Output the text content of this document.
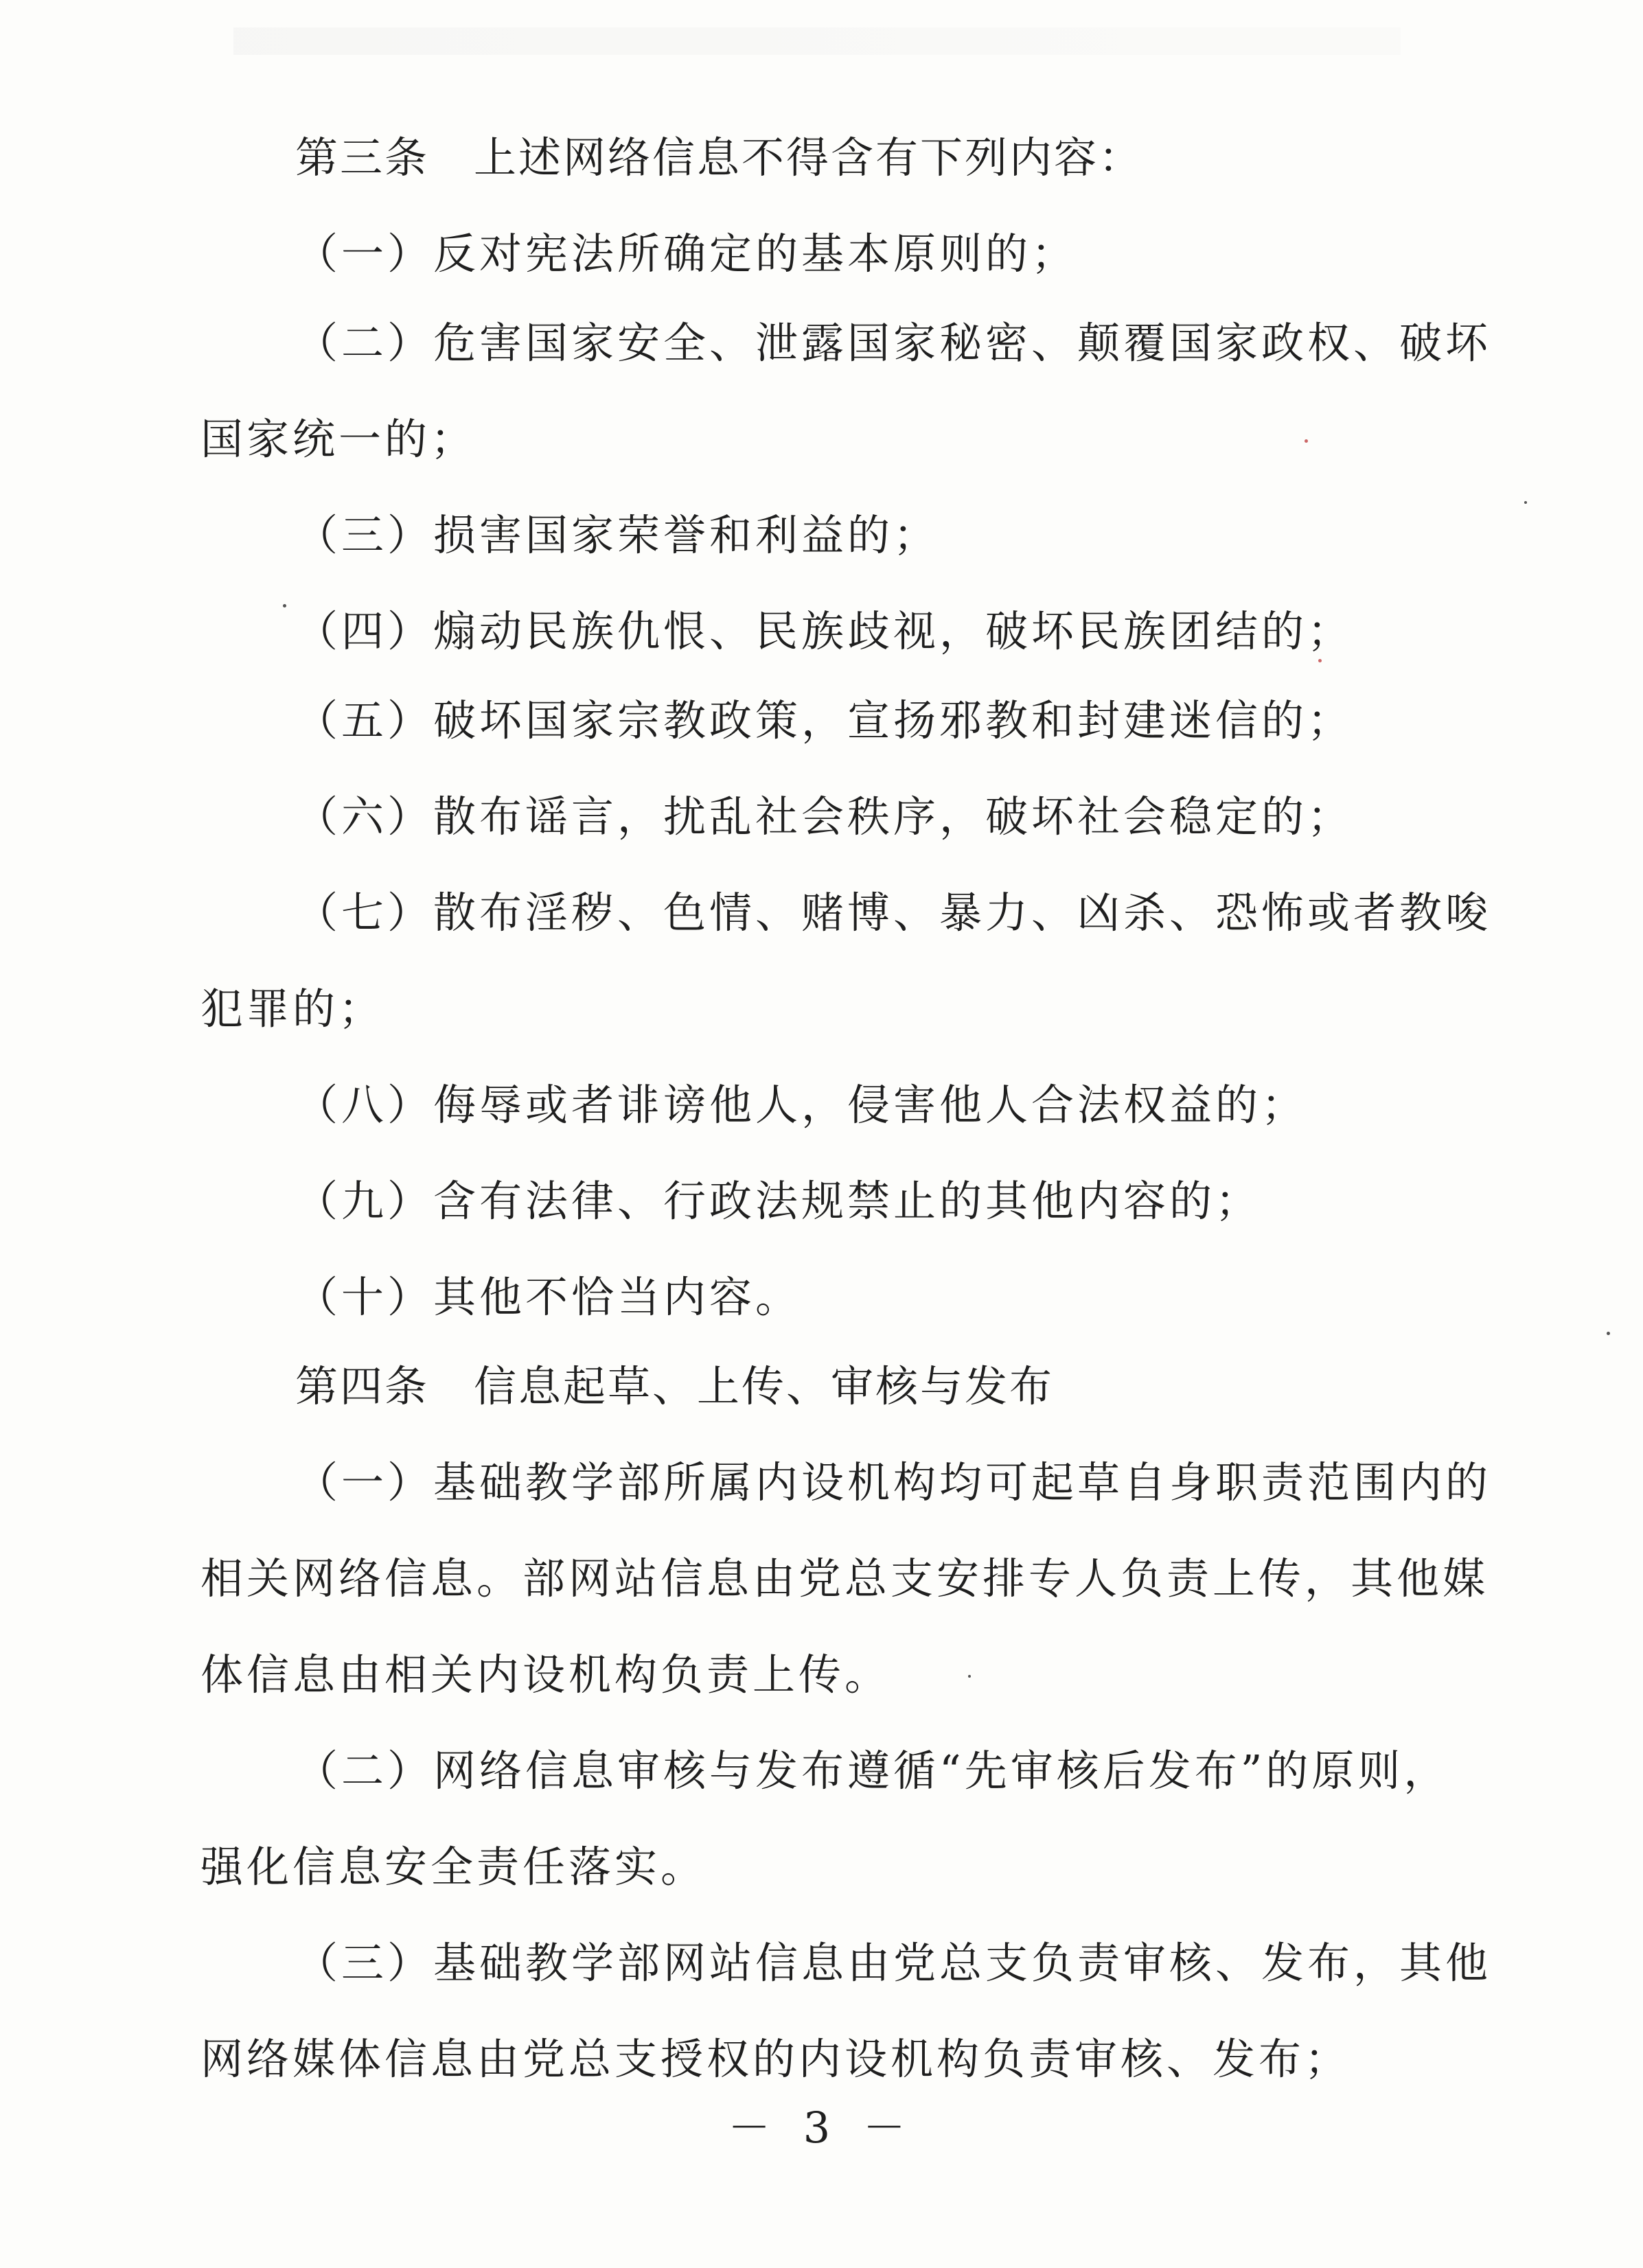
第三条　上述网络信息不得含有下列内容：

（一）反对宪法所确定的基本原则的；

（二）危害国家安全、泄露国家秘密、颠覆国家政权、破坏

国家统一的；

（三）损害国家荣誉和利益的；

（四）煽动民族仇恨、民族歧视，破坏民族团结的；

（五）破坏国家宗教政策，宣扬邪教和封建迷信的；

（六）散布谣言，扰乱社会秩序，破坏社会稳定的；

（七）散布淫秽、色情、赌博、暴力、凶杀、恐怖或者教唆

犯罪的；

（八）侮辱或者诽谤他人，侵害他人合法权益的；

（九）含有法律、行政法规禁止的其他内容的；

（十）其他不恰当内容。

第四条　信息起草、上传、审核与发布

（一）基础教学部所属内设机构均可起草自身职责范围内的

相关网络信息。部网站信息由党总支安排专人负责上传，其他媒

体信息由相关内设机构负责上传。

（二）网络信息审核与发布遵循“先审核后发布”的原则，

强化信息安全责任落实。

（三）基础教学部网站信息由党总支负责审核、发布，其他

网络媒体信息由党总支授权的内设机构负责审核、发布；

－ 3 －
